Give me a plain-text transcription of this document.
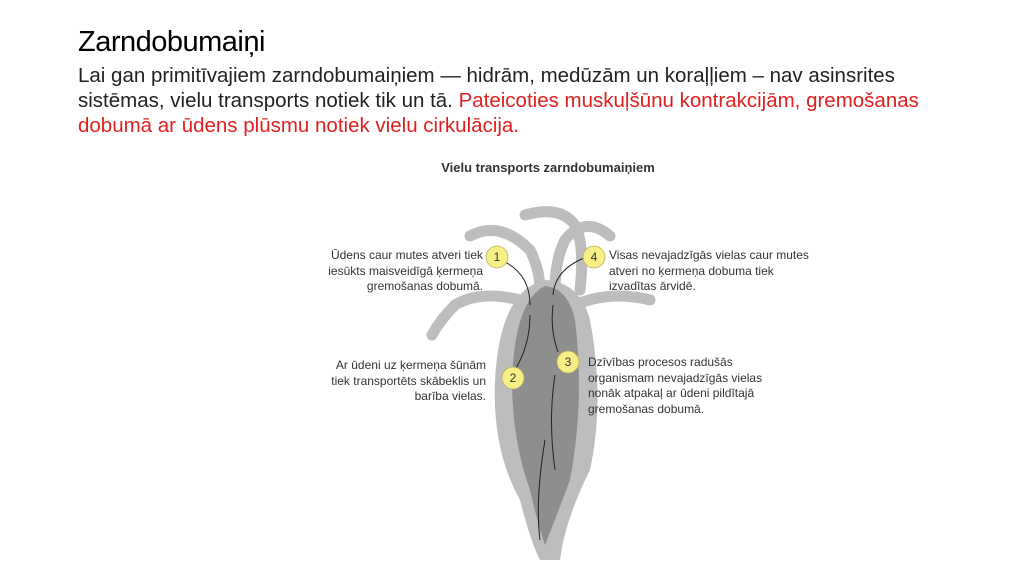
Zarndobumaiņi
Lai gan primitīvajiem zarndobumaiņiem — hidrām, medūzām un koraļļiem – nav asinsrites sistēmas, vielu transports notiek tik un tā. Pateicoties muskuļšūnu kontrakcijām, gremošanas dobumā ar ūdens plūsmu notiek vielu cirkulācija.
Vielu transports zarndobumaiņiem
1
2
3
4
Ūdens caur mutes atveri tiek iesūkts maisveidīgā ķermeņa gremošanas dobumā.
Ar ūdeni uz ķermeņa šūnām tiek transportēts skābeklis un barība vielas.
Dzīvības procesos radušās organismam nevajadzīgās vielas nonāk atpakaļ ar ūdeni pildītajā gremošanas dobumā.
Visas nevajadzīgās vielas caur mutes atveri no ķermeņa dobuma tiek izvadītas ārvidē.
